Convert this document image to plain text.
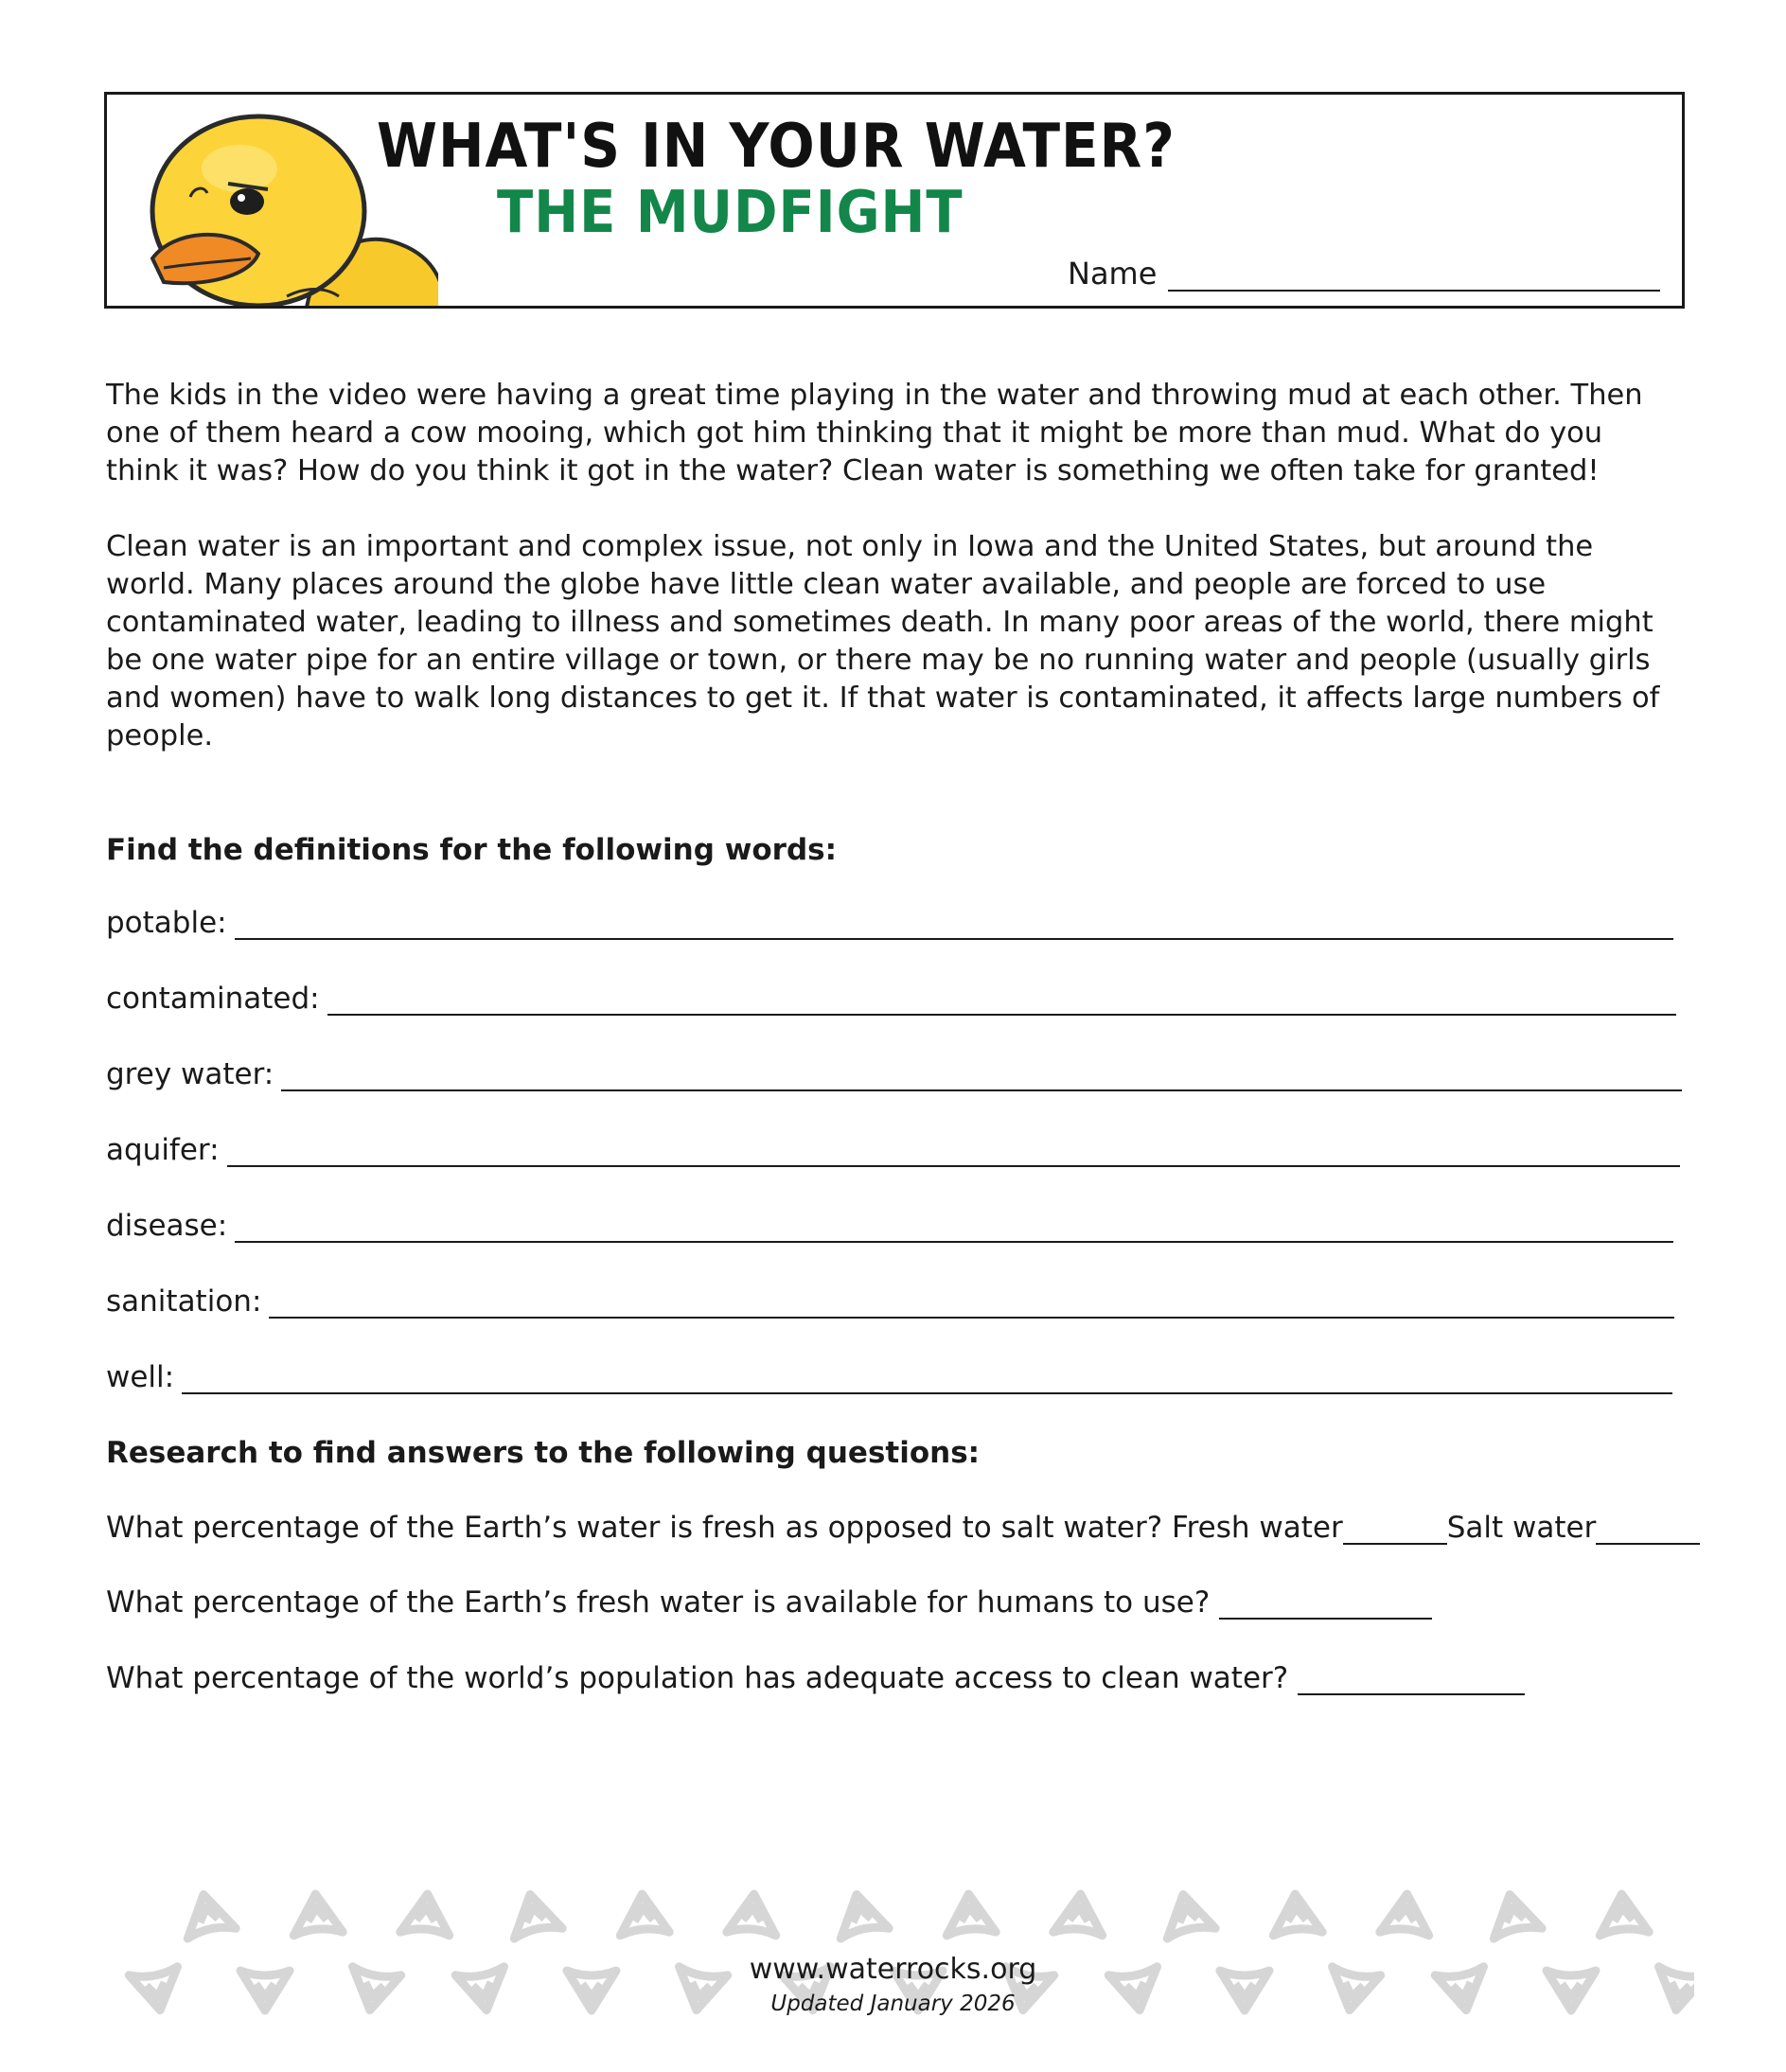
WHAT'S IN YOUR WATER?
THE MUDFIGHT
Name

The kids in the video were having a great time playing in the water and throwing mud at each other. Then one of them heard a cow mooing, which got him thinking that it might be more than mud. What do you think it was? How do you think it got in the water? Clean water is something we often take for granted!

Clean water is an important and complex issue, not only in Iowa and the United States, but around the world. Many places around the globe have little clean water available, and people are forced to use contaminated water, leading to illness and sometimes death. In many poor areas of the world, there might be one water pipe for an entire village or town, or there may be no running water and people (usually girls and women) have to walk long distances to get it. If that water is contaminated, it affects large numbers of people.

Find the definitions for the following words:

potable:
contaminated:
grey water:
aquifer:
disease:
sanitation:
well:

Research to find answers to the following questions:

What percentage of the Earth’s water is fresh as opposed to salt water? Fresh water	Salt water
What percentage of the Earth’s fresh water is available for humans to use?
What percentage of the world’s population has adequate access to clean water?
www.waterrocks.org
Updated January 2026
